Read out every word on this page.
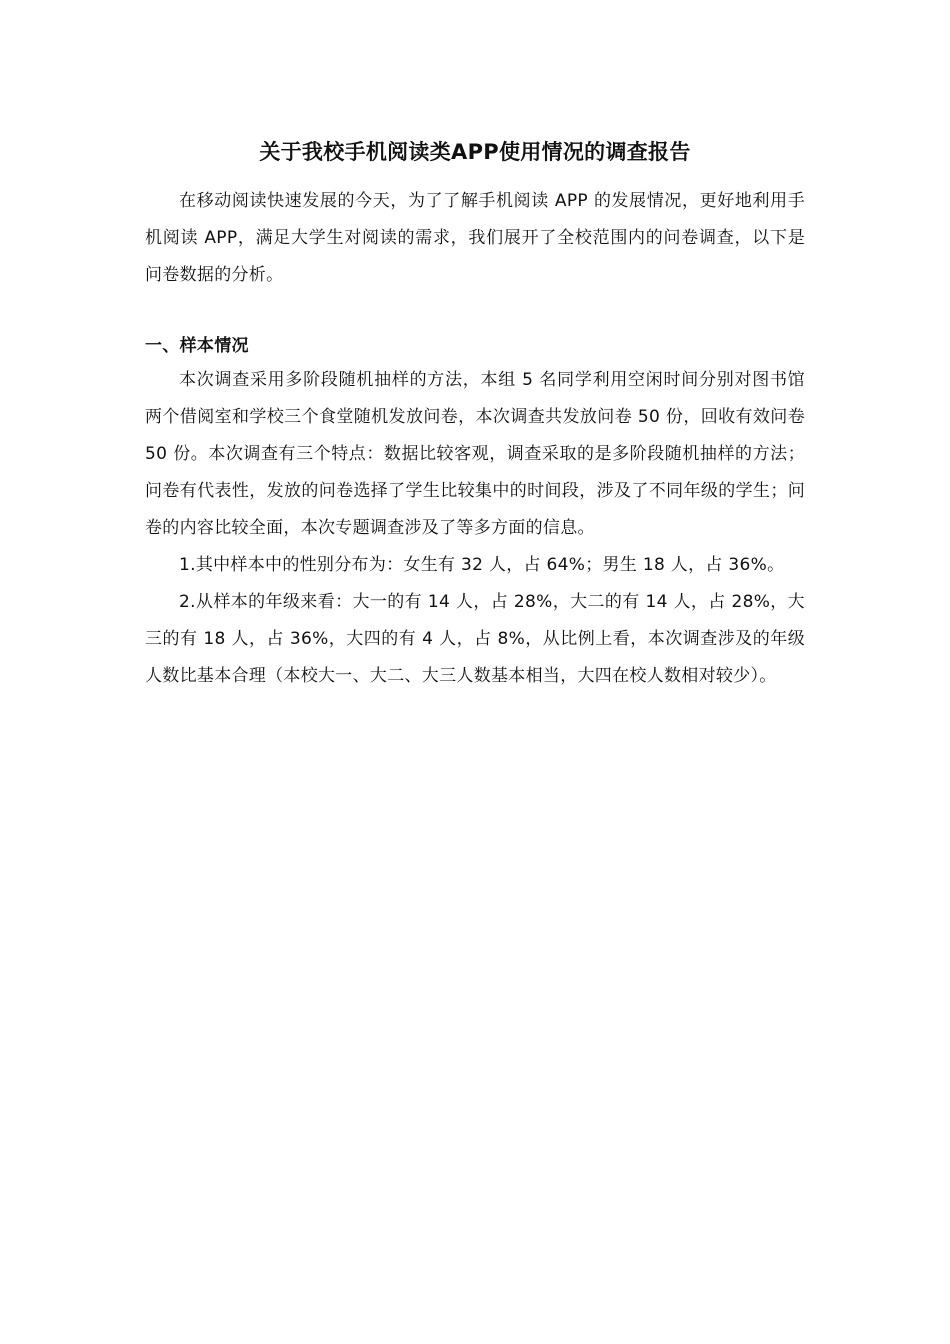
关于我校手机阅读类APP使用情况的调查报告

在移动阅读快速发展的今天，为了了解手机阅读 APP 的发展情况，更好地利用手机阅读 APP，满足大学生对阅读的需求，我们展开了全校范围内的问卷调查，以下是问卷数据的分析。

一、样本情况

本次调查采用多阶段随机抽样的方法，本组 5 名同学利用空闲时间分别对图书馆两个借阅室和学校三个食堂随机发放问卷，本次调查共发放问卷 50 份，回收有效问卷 50 份。本次调查有三个特点：数据比较客观，调查采取的是多阶段随机抽样的方法；问卷有代表性，发放的问卷选择了学生比较集中的时间段，涉及了不同年级的学生；问卷的内容比较全面，本次专题调查涉及了等多方面的信息。

1.其中样本中的性别分布为：女生有 32 人，占 64%；男生 18 人，占 36%。

2.从样本的年级来看：大一的有 14 人，占 28%，大二的有 14 人，占 28%，大三的有 18 人，占 36%，大四的有 4 人，占 8%，从比例上看，本次调查涉及的年级人数比基本合理（本校大一、大二、大三人数基本相当，大四在校人数相对较少）。
